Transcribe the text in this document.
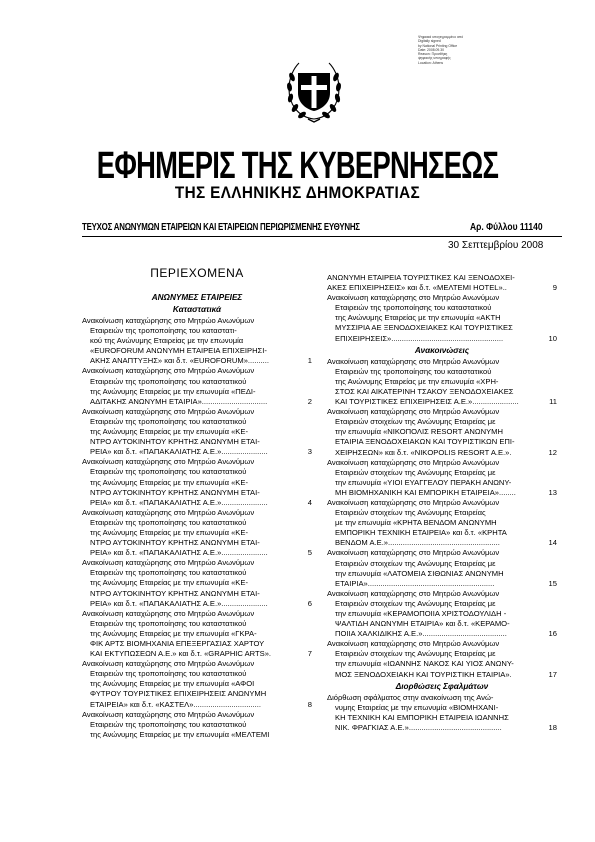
Ψηφιακά υπογεγραμμένο από
Digitally signed
by National Printing Office
Date: 2008.09.30
Reason: Προσθήκη
ψηφιακής υπογραφής
Location: Athens
ΕΦΗΜΕΡΙΣ ΤΗΣ ΚΥΒΕΡΝΗΣΕΩΣ
ΤΗΣ ΕΛΛΗΝΙΚΗΣ ΔΗΜΟΚΡΑΤΙΑΣ
ΤΕΥΧΟΣ ΑΝΩΝΥΜΩΝ ΕΤΑΙΡΕΙΩΝ ΚΑΙ ΕΤΑΙΡΕΙΩΝ ΠΕΡΙΩΡΙΣΜΕΝΗΣ ΕΥΘΥΝΗΣ	Αρ. Φύλλου 11140
30 Σεπτεμβρίου 2008
ΠΕΡΙΕΧΟΜΕΝΑ
ΑΝΩΝΥΜΕΣ ΕΤΑΙΡΕΙΕΣ
Καταστατικά
Ανακοίνωση καταχώρησης στο Μητρώο Ανωνύμων
Εταιρειών της τροποποίησης του καταστατι-
κού της Ανώνυμης Εταιρείας με την επωνυμία
«EUROFORUM ΑΝΩΝΥΜΗ ΕΤΑΙΡΕΙΑ ΕΠΙΧΕΙΡΗΣΙ-
ΑΚΗΣ ΑΝΑΠΤΥΞΗΣ» και δ.τ. «EUROFORUM»..........	1
Ανακοίνωση καταχώρησης στο Μητρώο Ανωνύμων
Εταιρειών της τροποποίησης του καταστατικού
της Ανώνυμης Εταιρείας με την επωνυμία «ΠΕΔΙ-
ΑΔΙΤΑΚΗΣ ΑΝΩΝΥΜΗ ΕΤΑΙΡΙΑ»...............................	2
Ανακοίνωση καταχώρησης στο Μητρώο Ανωνύμων
Εταιρειών της τροποποίησης του καταστατικού
της Ανώνυμης Εταιρείας με την επωνυμία «ΚΕ-
ΝΤΡΟ ΑΥΤΟΚΙΝΗΤΟΥ ΚΡΗΤΗΣ ΑΝΩΝΥΜΗ ΕΤΑΙ-
ΡΕΙΑ» και δ.τ. «ΠΑΠΑΚΑΛΙΑΤΗΣ Α.Ε.»......................	3
Ανακοίνωση καταχώρησης στο Μητρώο Ανωνύμων
Εταιρειών της τροποποίησης του καταστατικού
της Ανώνυμης Εταιρείας με την επωνυμία «ΚΕ-
ΝΤΡΟ ΑΥΤΟΚΙΝΗΤΟΥ ΚΡΗΤΗΣ ΑΝΩΝΥΜΗ ΕΤΑΙ-
ΡΕΙΑ» και δ.τ. «ΠΑΠΑΚΑΛΙΑΤΗΣ Α.Ε.»......................	4
Ανακοίνωση καταχώρησης στο Μητρώο Ανωνύμων
Εταιρειών της τροποποίησης του καταστατικού
της Ανώνυμης Εταιρείας με την επωνυμία «ΚΕ-
ΝΤΡΟ ΑΥΤΟΚΙΝΗΤΟΥ ΚΡΗΤΗΣ ΑΝΩΝΥΜΗ ΕΤΑΙ-
ΡΕΙΑ» και δ.τ. «ΠΑΠΑΚΑΛΙΑΤΗΣ Α.Ε.»......................	5
Ανακοίνωση καταχώρησης στο Μητρώο Ανωνύμων
Εταιρειών της τροποποίησης του καταστατικού
της Ανώνυμης Εταιρείας με την επωνυμία «ΚΕ-
ΝΤΡΟ ΑΥΤΟΚΙΝΗΤΟΥ ΚΡΗΤΗΣ ΑΝΩΝΥΜΗ ΕΤΑΙ-
ΡΕΙΑ» και δ.τ. «ΠΑΠΑΚΑΛΙΑΤΗΣ Α.Ε.»......................	6
Ανακοίνωση καταχώρησης στο Μητρώο Ανωνύμων
Εταιρειών της τροποποίησης του καταστατικού
της Ανώνυμης Εταιρείας με την επωνυμία «ΓΚΡΑ-
ΦΙΚ ΑΡΤΣ ΒΙΟΜΗΧΑΝΙΑ ΕΠΕΞΕΡΓΑΣΙΑΣ ΧΑΡΤΟΥ
ΚΑΙ ΕΚΤΥΠΩΣΕΩΝ Α.Ε.» και δ.τ. «GRAPHIC ARTS».	7
Ανακοίνωση καταχώρησης στο Μητρώο Ανωνύμων
Εταιρειών της τροποποίησης του καταστατικού
της Ανώνυμης Εταιρείας με την επωνυμία «ΑΦΟΙ
ΦΥΤΡΟΥ ΤΟΥΡΙΣΤΙΚΕΣ ΕΠΙΧΕΙΡΗΣΕΙΣ ΑΝΩΝΥΜΗ
ΕΤΑΙΡΕΙΑ» και δ.τ. «ΚΑΣΤΕΛ»................................	8
Ανακοίνωση καταχώρησης στο Μητρώο Ανωνύμων
Εταιρειών της τροποποίησης του καταστατικού
της Ανώνυμης Εταιρείας με την επωνυμία «ΜΕΛΤΕΜΙ
ΑΝΩΝΥΜΗ ΕΤΑΙΡΕΙΑ ΤΟΥΡΙΣΤΙΚΕΣ ΚΑΙ ΞΕΝΟΔΟΧΕΙ-
ΑΚΕΣ ΕΠΙΧΕΙΡΗΣΕΙΣ» και δ.τ. «ΜΕΛΤΕΜΙ HOTEL»..	9
Ανακοίνωση καταχώρησης στο Μητρώο Ανωνύμων
Εταιρειών της τροποποίησης του καταστατικού
της Ανώνυμης Εταιρείας με την επωνυμία «ΑΚΤΗ
ΜΥΣΣΙΡΙΑ ΑΕ ΞΕΝΟΔΟΧΕΙΑΚΕΣ ΚΑΙ ΤΟΥΡΙΣΤΙΚΕΣ
ΕΠΙΧΕΙΡΗΣΕΙΣ».....................................................	10
Ανακοινώσεις
Ανακοίνωση καταχώρησης στο Μητρώο Ανωνύμων
Εταιρειών της τροποποίησης του καταστατικού
της Ανώνυμης Εταιρείας με την επωνυμία «ΧΡΗ-
ΣΤΟΣ ΚΑΙ ΑΙΚΑΤΕΡΙΝΗ ΤΣΑΚΟΥ ΞΕΝΟΔΟΧΕΙΑΚΕΣ
ΚΑΙ ΤΟΥΡΙΣΤΙΚΕΣ ΕΠΙΧΕΙΡΗΣΕΙΣ Α.Ε.»......................	11
Ανακοίνωση καταχώρησης στο Μητρώο Ανωνύμων
Εταιρειών στοιχείων της Ανώνυμης Εταιρείας με
την επωνυμία «ΝΙΚΟΠΟΛΙΣ RESORT ΑΝΩΝΥΜΗ
ΕΤΑΙΡΙΑ ΞΕΝΟΔΟΧΕΙΑΚΩΝ ΚΑΙ ΤΟΥΡΙΣΤΙΚΩΝ ΕΠΙ-
ΧΕΙΡΗΣΕΩΝ» και δ.τ. «NIKOPOLIS RESORT A.E.».	12
Ανακοίνωση καταχώρησης στο Μητρώο Ανωνύμων
Εταιρειών στοιχείων της Ανώνυμης Εταιρείας με
την επωνυμία «ΥΙΟΙ ΕΥΑΓΓΕΛΟΥ ΠΕΡΑΚΗ ΑΝΩΝΥ-
ΜΗ ΒΙΟΜΗΧΑΝΙΚΗ ΚΑΙ ΕΜΠΟΡΙΚΗ ΕΤΑΙΡΕΙΑ»........	13
Ανακοίνωση καταχώρησης στο Μητρώο Ανωνύμων
Εταιρειών στοιχείων της Ανώνυμης Εταιρείας
με την επωνυμία «ΚΡΗΤΑ ΒΕΝΔΟΜ ΑΝΩΝΥΜΗ
ΕΜΠΟΡΙΚΗ ΤΕΧΝΙΚΗ ΕΤΑΙΡΕΙΑ» και δ.τ. «ΚΡΗΤΑ
ΒΕΝΔΟΜ Α.Ε.».....................................................	14
Ανακοίνωση καταχώρησης στο Μητρώο Ανωνύμων
Εταιρειών στοιχείων της Ανώνυμης Εταιρείας με
την επωνυμία «ΛΑΤΟΜΕΙΑ ΣΙΘΩΝΙΑΣ ΑΝΩΝΥΜΗ
ΕΤΑΙΡΙΑ»............................................................	15
Ανακοίνωση καταχώρησης στο Μητρώο Ανωνύμων
Εταιρειών στοιχείων της Ανώνυμης Εταιρείας με
την επωνυμία «ΚΕΡΑΜΟΠΟΙΙΑ ΧΡΙΣΤΟΔΟΥΛΙΔΗ -
ΨΑΛΤΙΔΗ ΑΝΩΝΥΜΗ ΕΤΑΙΡΙΑ» και δ.τ. «ΚΕΡΑΜΟ-
ΠΟΙΙΑ ΧΑΛΚΙΔΙΚΗΣ Α.Ε.»........................................	16
Ανακοίνωση καταχώρησης στο Μητρώο Ανωνύμων
Εταιρειών στοιχείων της Ανώνυμης Εταιρείας με
την επωνυμία «ΙΩΑΝΝΗΣ ΝΑΚΟΣ ΚΑΙ ΥΙΟΣ ΑΝΩΝΥ-
ΜΟΣ ΞΕΝΟΔΟΧΕΙΑΚΗ ΚΑΙ ΤΟΥΡΙΣΤΙΚΗ ΕΤΑΙΡΙΑ».	17
Διορθώσεις Σφαλμάτων
Διόρθωση σφάλματος στην ανακοίνωση της Ανώ-
νυμης Εταιρείας με την επωνυμία «ΒΙΟΜΗΧΑΝΙ-
ΚΗ ΤΕΧΝΙΚΗ ΚΑΙ ΕΜΠΟΡΙΚΗ ΕΤΑΙΡΕΙΑ ΙΩΑΝΝΗΣ
ΝΙΚ. ΦΡΑΓΚΙΑΣ Α.Ε.»............................................	18
